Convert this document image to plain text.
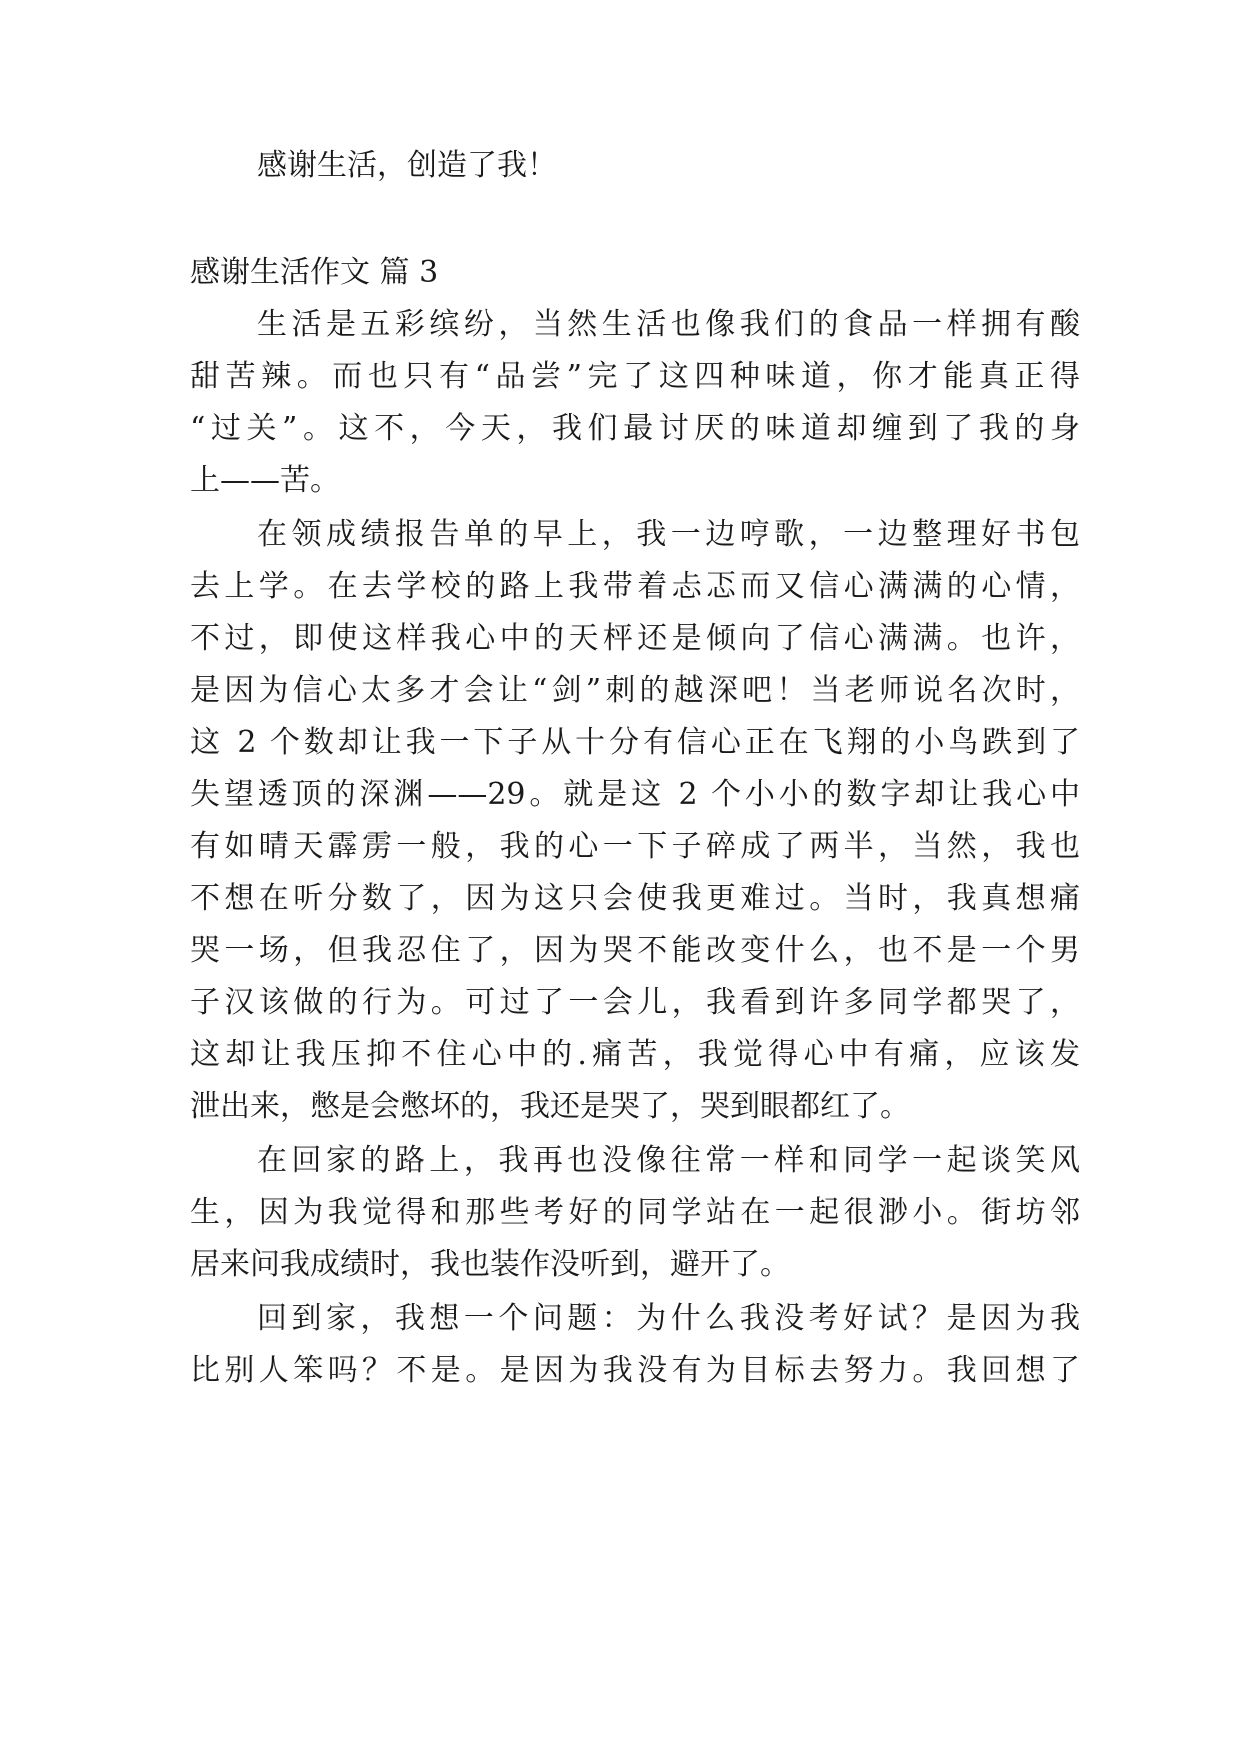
感谢生活，创造了我！
感谢生活作文 篇 3
生活是五彩缤纷，当然生活也像我们的食品一样拥有酸
甜苦辣。而也只有“品尝”完了这四种味道，你才能真正得
“过关”。这不，今天，我们最讨厌的味道却缠到了我的身
上——苦。
在领成绩报告单的早上，我一边哼歌，一边整理好书包
去上学。在去学校的路上我带着忐忑而又信心满满的心情，
不过，即使这样我心中的天枰还是倾向了信心满满。也许，
是因为信心太多才会让“剑”刺的越深吧！当老师说名次时，
这 2 个数却让我一下子从十分有信心正在飞翔的小鸟跌到了
失望透顶的深渊——29。就是这 2 个小小的数字却让我心中
有如晴天霹雳一般，我的心一下子碎成了两半，当然，我也
不想在听分数了，因为这只会使我更难过。当时，我真想痛
哭一场，但我忍住了，因为哭不能改变什么，也不是一个男
子汉该做的行为。可过了一会儿，我看到许多同学都哭了，
这却让我压抑不住心中的.痛苦，我觉得心中有痛，应该发
泄出来，憋是会憋坏的，我还是哭了，哭到眼都红了。
在回家的路上，我再也没像往常一样和同学一起谈笑风
生，因为我觉得和那些考好的同学站在一起很渺小。街坊邻
居来问我成绩时，我也装作没听到，避开了。
回到家，我想一个问题：为什么我没考好试？是因为我
比别人笨吗？不是。是因为我没有为目标去努力。我回想了
